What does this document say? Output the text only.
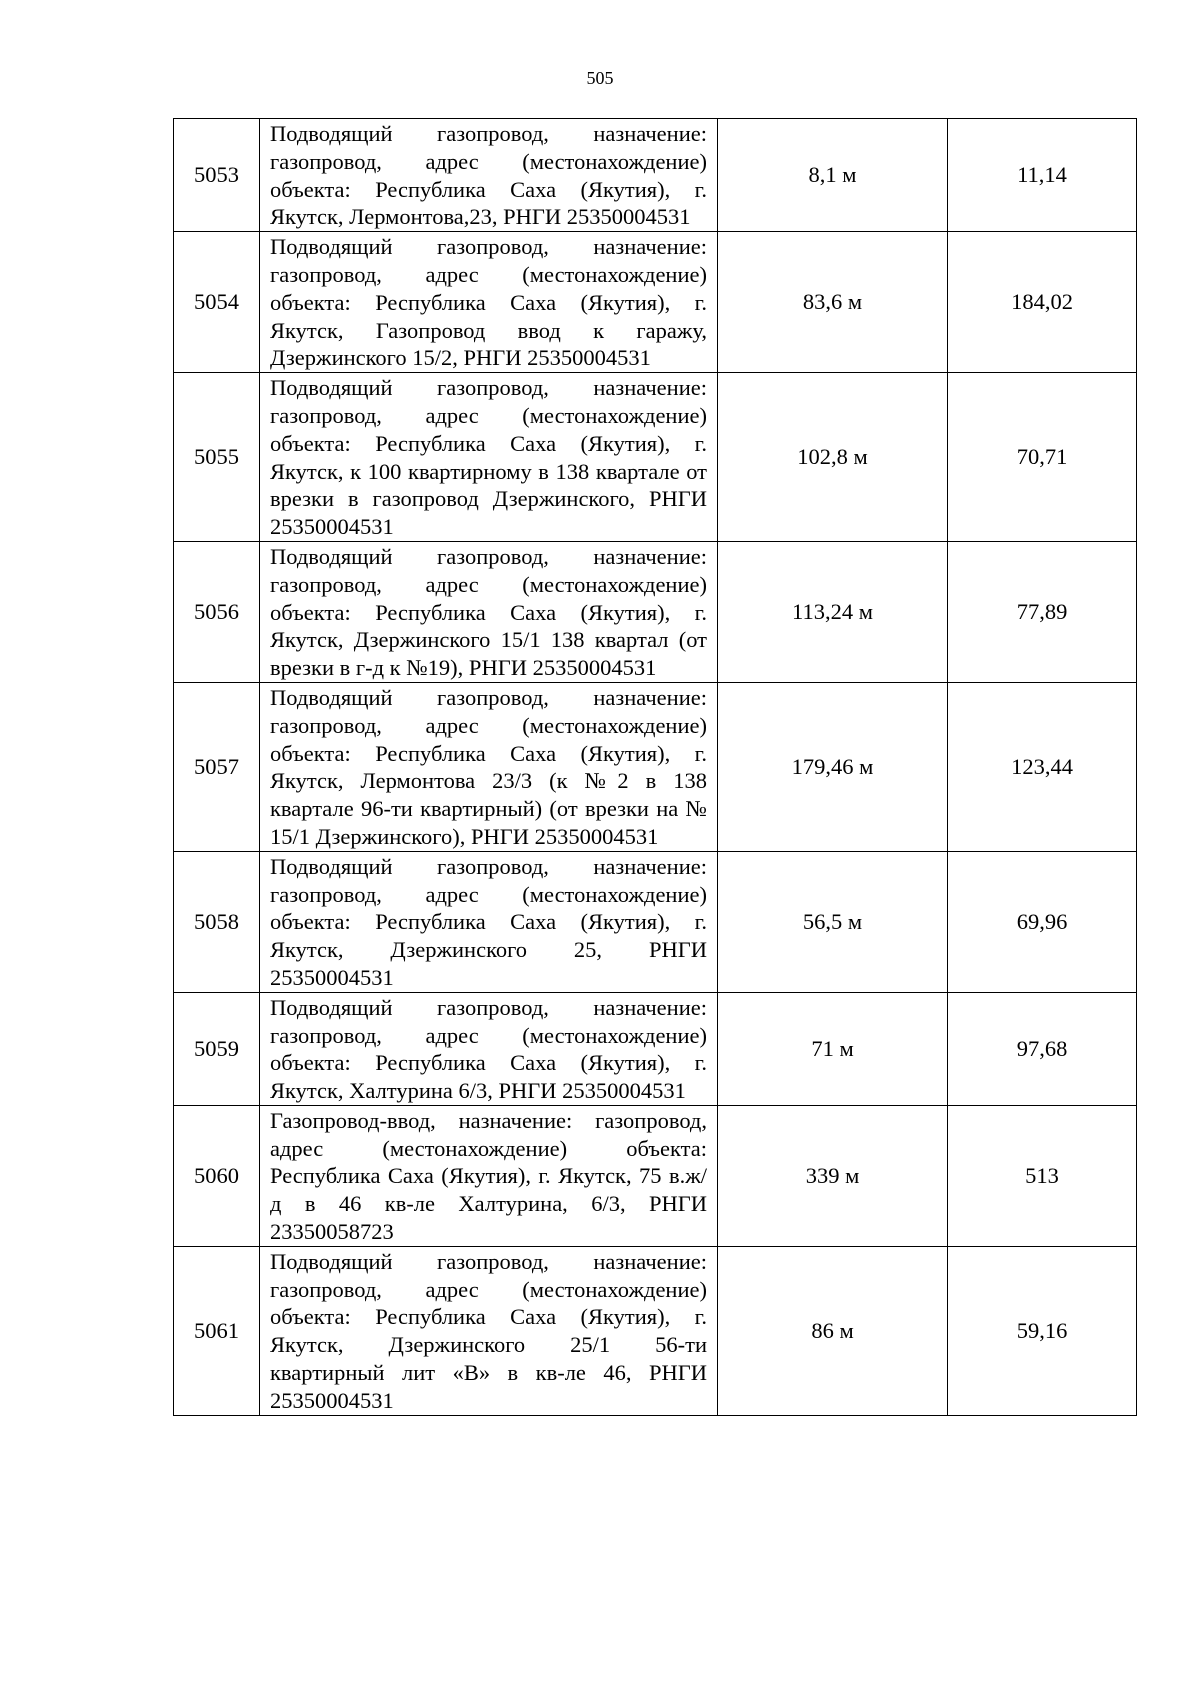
505
5053	Подводящий газопровод, назначение: газопровод, адрес (местонахождение) объекта: Республика Саха (Якутия), г. Якутск, Лермонтова,23, РНГИ 25350004531	8,1 м	11,14
5054	Подводящий газопровод, назначение: газопровод, адрес (местонахождение) объекта: Республика Саха (Якутия), г. Якутск, Газопровод ввод к гаражу, Дзержинского 15/2, РНГИ 25350004531	83,6 м	184,02
5055	Подводящий газопровод, назначение: газопровод, адрес (местонахождение) объекта: Республика Саха (Якутия), г. Якутск, к 100 квартирному в 138 квартале от врезки в газопровод Дзержинского, РНГИ 25350004531	102,8 м	70,71
5056	Подводящий газопровод, назначение: газопровод, адрес (местонахождение) объекта: Республика Саха (Якутия), г. Якутск, Дзержинского 15/1 138 квартал (от врезки в г-д к №19), РНГИ 25350004531	113,24 м	77,89
5057	Подводящий газопровод, назначение: газопровод, адрес (местонахождение) объекта: Республика Саха (Якутия), г. Якутск, Лермонтова 23/3 (к №2 в 138 квартале 96-ти квартирный) (от врезки на № 15/1 Дзержинского), РНГИ 25350004531	179,46 м	123,44
5058	Подводящий газопровод, назначение: газопровод, адрес (местонахождение) объекта: Республика Саха (Якутия), г. Якутск, Дзержинского 25, РНГИ 25350004531	56,5 м	69,96
5059	Подводящий газопровод, назначение: газопровод, адрес (местонахождение) объекта: Республика Саха (Якутия), г. Якутск, Халтурина 6/3, РНГИ 25350004531	71 м	97,68
5060	Газопровод-ввод, назначение: газопровод, адрес (местонахождение) объекта: Республика Саха (Якутия), г. Якутск, 75 в.ж/д в 46 кв-ле Халтурина, 6/3, РНГИ 23350058723	339 м	513
5061	Подводящий газопровод, назначение: газопровод, адрес (местонахождение) объекта: Республика Саха (Якутия), г. Якутск, Дзержинского 25/1 56-ти квартирный лит «В» в кв-ле 46, РНГИ 25350004531	86 м	59,16
